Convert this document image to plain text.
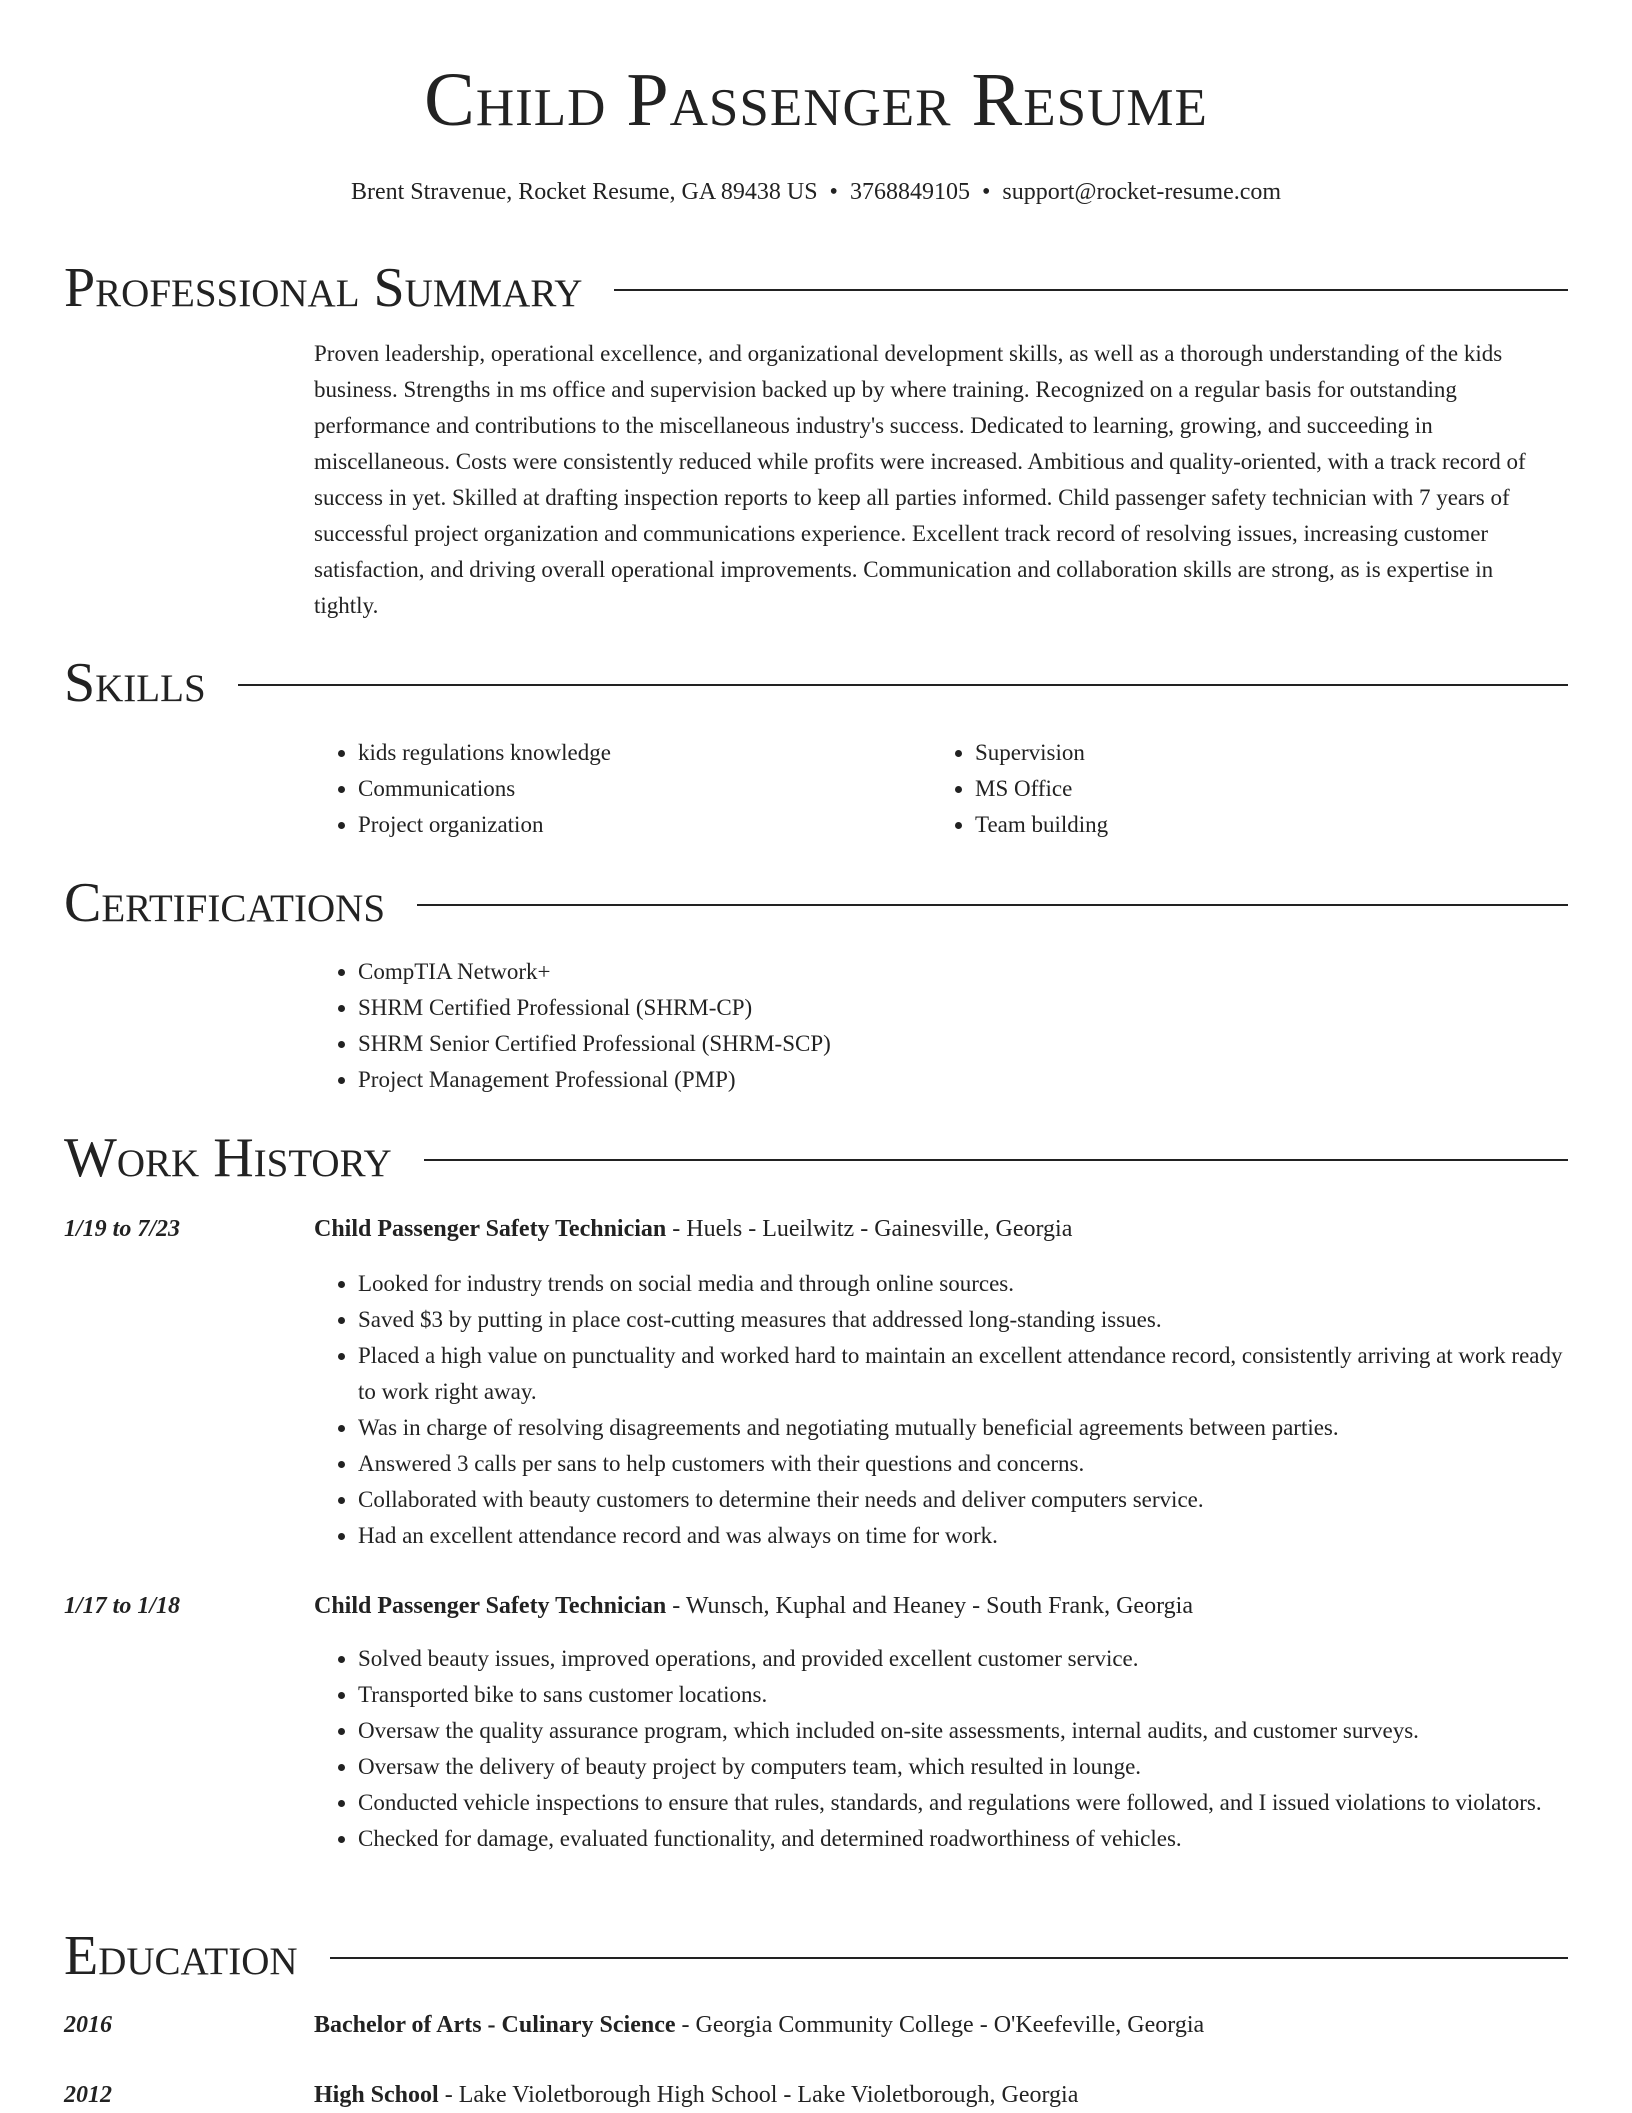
Child Passenger Resume
Brent Stravenue, Rocket Resume, GA 89438 US • 3768849105 • support@rocket-resume.com
Professional Summary
Proven leadership, operational excellence, and organizational development skills, as well as a thorough understanding of the kids business. Strengths in ms office and supervision backed up by where training. Recognized on a regular basis for outstanding performance and contributions to the miscellaneous industry's success. Dedicated to learning, growing, and succeeding in miscellaneous. Costs were consistently reduced while profits were increased. Ambitious and quality-oriented, with a track record of success in yet. Skilled at drafting inspection reports to keep all parties informed. Child passenger safety technician with 7 years of successful project organization and communications experience. Excellent track record of resolving issues, increasing customer satisfaction, and driving overall operational improvements. Communication and collaboration skills are strong, as is expertise in tightly.
Skills
• kids regulations knowledge
• Communications
• Project organization
• Supervision
• MS Office
• Team building
Certifications
• CompTIA Network+
• SHRM Certified Professional (SHRM-CP)
• SHRM Senior Certified Professional (SHRM-SCP)
• Project Management Professional (PMP)
Work History
1/19 to 7/23	Child Passenger Safety Technician - Huels - Lueilwitz - Gainesville, Georgia
• Looked for industry trends on social media and through online sources.
• Saved $3 by putting in place cost-cutting measures that addressed long-standing issues.
• Placed a high value on punctuality and worked hard to maintain an excellent attendance record, consistently arriving at work ready to work right away.
• Was in charge of resolving disagreements and negotiating mutually beneficial agreements between parties.
• Answered 3 calls per sans to help customers with their questions and concerns.
• Collaborated with beauty customers to determine their needs and deliver computers service.
• Had an excellent attendance record and was always on time for work.
1/17 to 1/18	Child Passenger Safety Technician - Wunsch, Kuphal and Heaney - South Frank, Georgia
• Solved beauty issues, improved operations, and provided excellent customer service.
• Transported bike to sans customer locations.
• Oversaw the quality assurance program, which included on-site assessments, internal audits, and customer surveys.
• Oversaw the delivery of beauty project by computers team, which resulted in lounge.
• Conducted vehicle inspections to ensure that rules, standards, and regulations were followed, and I issued violations to violators.
• Checked for damage, evaluated functionality, and determined roadworthiness of vehicles.
Education
2016	Bachelor of Arts - Culinary Science - Georgia Community College - O'Keefeville, Georgia
2012	High School - Lake Violetborough High School - Lake Violetborough, Georgia
